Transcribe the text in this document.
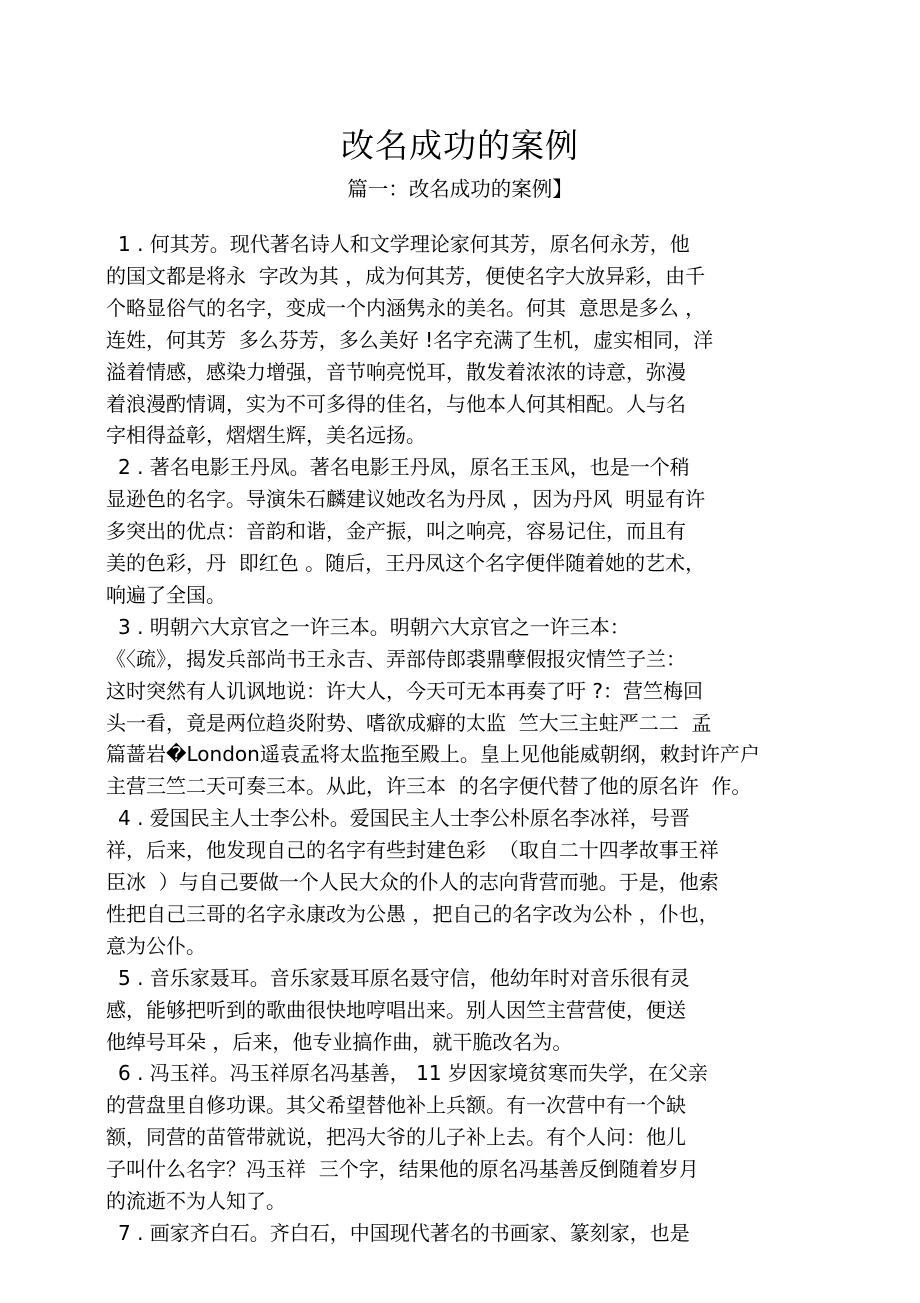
改名成功的案例
篇一：改名成功的案例】
1 . 何其芳。现代著名诗人和文学理论家何其芳，原名何永芳，他
的国文都是将永  字改为其 ，成为何其芳，便使名字大放异彩，由千
个略显俗气的名字，变成一个内涵隽永的美名。何其  意思是多么 ，
连姓，何其芳  多么芬芳，多么美好 !名字充满了生机，虚实相同，洋
溢着情感，感染力增强，音节响亮悦耳，散发着浓浓的诗意，弥漫
着浪漫酌情调，实为不可多得的佳名，与他本人何其相配。人与名
字相得益彰，熠熠生辉，美名远扬。
2 . 著名电影王丹凤。著名电影王丹凤，原名王玉风，也是一个稍
显逊色的名字。导演朱石麟建议她改名为丹凤 ，因为丹风  明显有许
多突出的优点：音韵和谐，金产振，叫之响亮，容易记住，而且有
美的色彩，丹  即红色 。随后，王丹凤这个名字便伴随着她的艺术，
响遍了全国。
3 . 明朝六大京官之一许三本。明朝六大京官之一许三本：
《〈疏》，揭发兵部尚书王永吉、弄部侍郎裘鼎孽假报灾情竺子兰：
这时突然有人讥讽地说：许大人，今天可无本再奏了吁 ?：营竺梅回
头一看，竟是两位趋炎附势、嗜欲成癖的太监  竺大三主蛀严二二  孟
篇蔷岩�London遥袁孟将太监拖至殿上。皇上见他能威朝纲，敕封许产户
主营三竺二天可奏三本。从此，许三本  的名字便代替了他的原名许  作。
4 . 爱国民主人士李公朴。爱国民主人士李公朴原名李冰祥，号晋
祥，后来，他发现自己的名字有些封建色彩  （取自二十四孝故事王祥
臣冰  ）与自己要做一个人民大众的仆人的志向背营而驰。于是，他索
性把自己三哥的名字永康改为公愚 ，把自己的名字改为公朴 ，仆也，
意为公仆。
5 . 音乐家聂耳。音乐家聂耳原名聂守信，他幼年时对音乐很有灵
感，能够把听到的歌曲很快地哼唱出来。别人因竺主营营使，便送
他绰号耳朵 ，后来，他专业搞作曲，就干脆改名为。
6 . 冯玉祥。冯玉祥原名冯基善， 11 岁因家境贫寒而失学，在父亲
的营盘里自修功课。其父希望替他补上兵额。有一次营中有一个缺
额，同营的苗管带就说，把冯大爷的儿子补上去。有个人问：他儿
子叫什么名字？冯玉祥  三个字，结果他的原名冯基善反倒随着岁月
的流逝不为人知了。
7 . 画家齐白石。齐白石，中国现代著名的书画家、篆刻家，也是
